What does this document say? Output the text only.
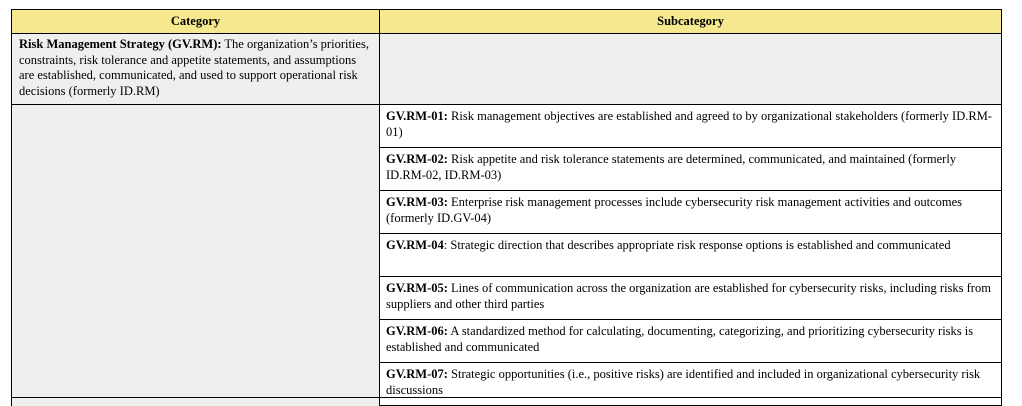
Category	Subcategory
Risk Management Strategy (GV.RM): The organization’s priorities, constraints, risk tolerance and appetite statements, and assumptions are established, communicated, and used to support operational risk decisions (formerly ID.RM)	
	GV.RM-01: Risk management objectives are established and agreed to by organizational stakeholders (formerly ID.RM-01)
	GV.RM-02: Risk appetite and risk tolerance statements are determined, communicated, and maintained (formerly ID.RM-02, ID.RM-03)
	GV.RM-03: Enterprise risk management processes include cybersecurity risk management activities and outcomes (formerly ID.GV-04)
	GV.RM-04: Strategic direction that describes appropriate risk response options is established and communicated
	GV.RM-05: Lines of communication across the organization are established for cybersecurity risks, including risks from suppliers and other third parties
	GV.RM-06: A standardized method for calculating, documenting, categorizing, and prioritizing cybersecurity risks is established and communicated
	GV.RM-07: Strategic opportunities (i.e., positive risks) are identified and included in organizational cybersecurity risk discussions
